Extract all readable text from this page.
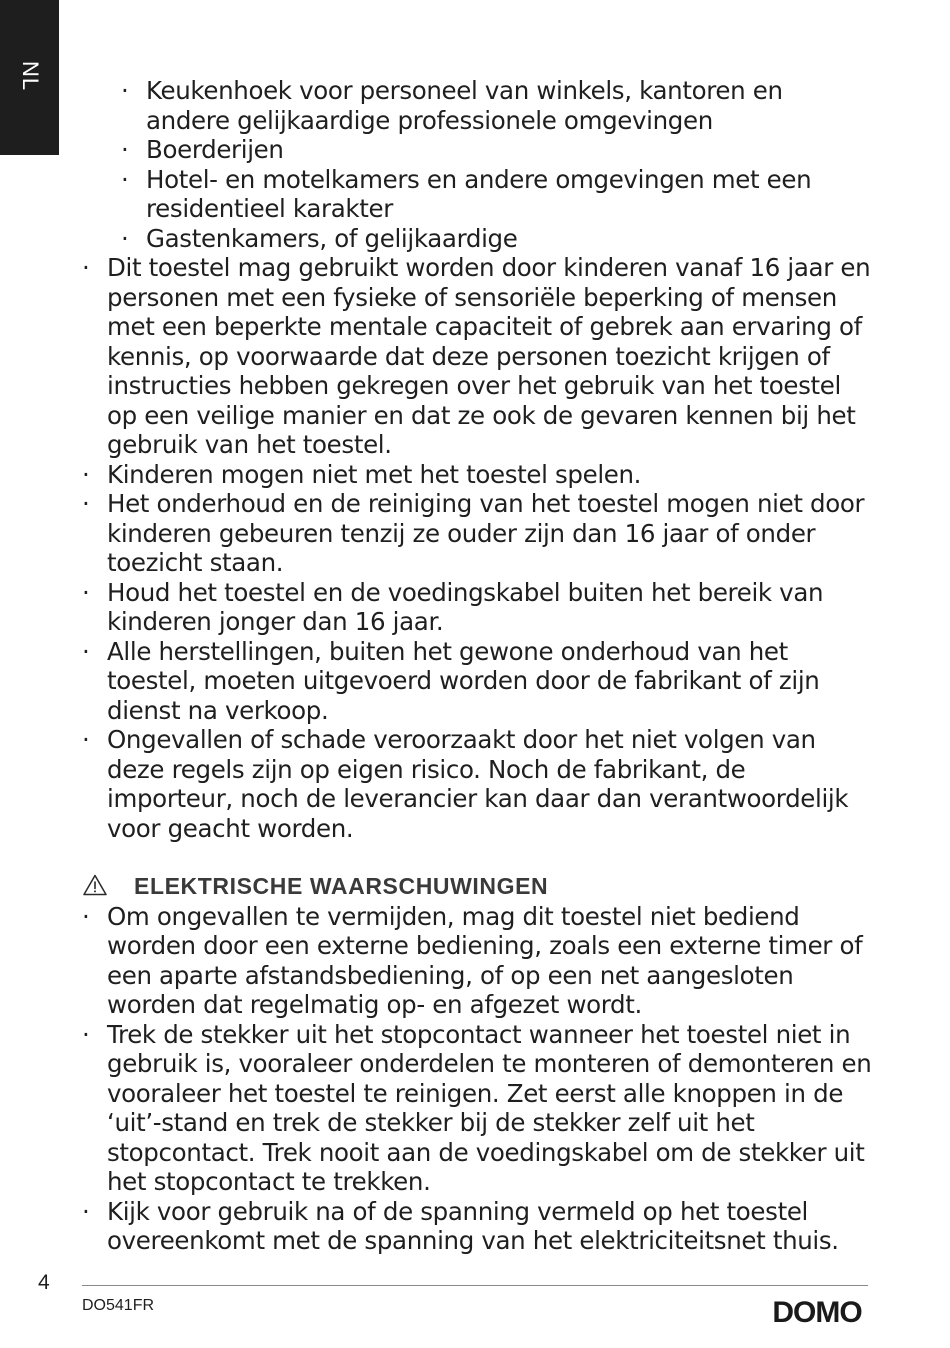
NL
·	Keukenhoek voor personeel van winkels, kantoren en andere gelijkaardige professionele omgevingen
· Boerderijen
· Hotel- en motelkamers en andere omgevingen met een residentieel karakter
· Gastenkamers, of gelijkaardige
· Dit toestel mag gebruikt worden door kinderen vanaf 16 jaar en personen met een fysieke of sensoriële beperking of mensen met een beperkte mentale capaciteit of gebrek aan ervaring of kennis, op voorwaarde dat deze personen toezicht krijgen of instructies hebben gekregen over het gebruik van het toestel op een veilige manier en dat ze ook de gevaren kennen bij het gebruik van het toestel.
· Kinderen mogen niet met het toestel spelen.
· Het onderhoud en de reiniging van het toestel mogen niet door kinderen gebeuren tenzij ze ouder zijn dan 16 jaar of onder toezicht staan.
· Houd het toestel en de voedingskabel buiten het bereik van kinderen jonger dan 16 jaar.
· Alle herstellingen, buiten het gewone onderhoud van het toestel, moeten uitgevoerd worden door de fabrikant of zijn dienst na verkoop.
· Ongevallen of schade veroorzaakt door het niet volgen van deze regels zijn op eigen risico. Noch de fabrikant, de importeur, noch de leverancier kan daar dan verantwoordelijk voor geacht worden.
ELEKTRISCHE WAARSCHUWINGEN
· Om ongevallen te vermijden, mag dit toestel niet bediend worden door een externe bediening, zoals een externe timer of een aparte afstandsbediening, of op een net aangesloten worden dat regelmatig op- en afgezet wordt.
· Trek de stekker uit het stopcontact wanneer het toestel niet in gebruik is, vooraleer onderdelen te monteren of demonteren en vooraleer het toestel te reinigen. Zet eerst alle knoppen in de ‘uit’-stand en trek de stekker bij de stekker zelf uit het stopcontact. Trek nooit aan de voedingskabel om de stekker uit het stopcontact te trekken.
· Kijk voor gebruik na of de spanning vermeld op het toestel overeenkomt met de spanning van het elektriciteitsnet thuis.
4
DO541FR	DOMO
